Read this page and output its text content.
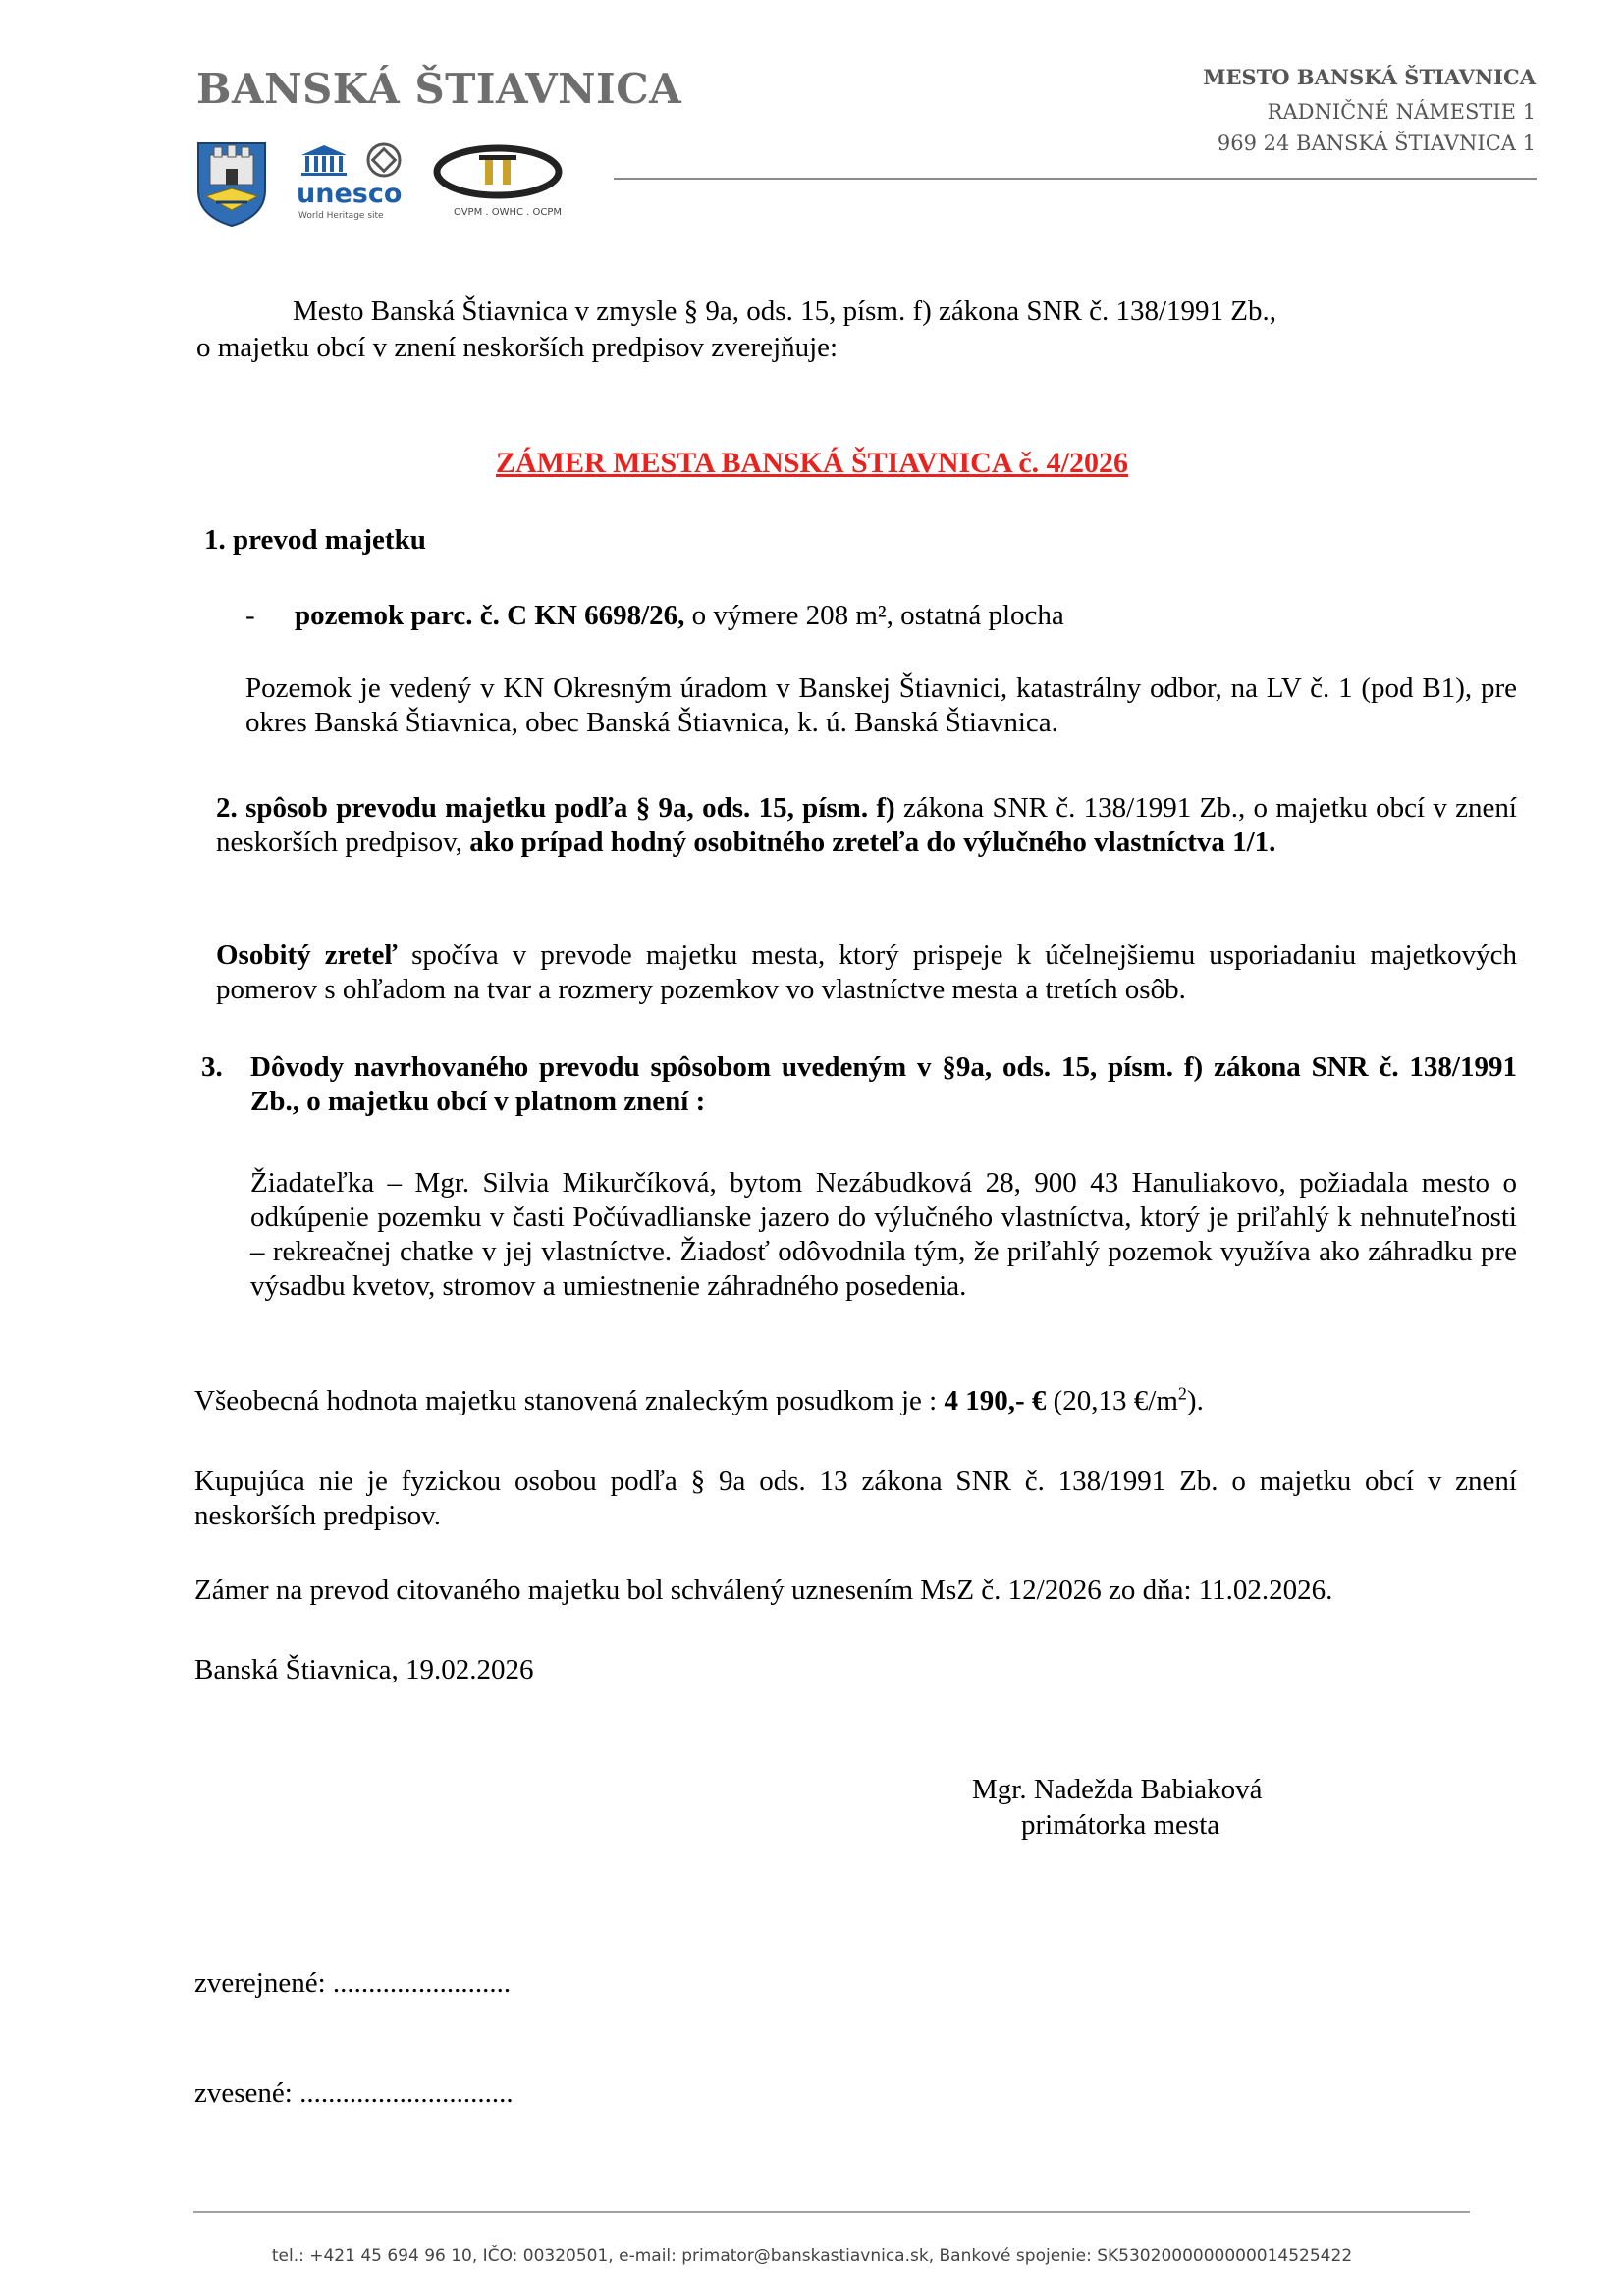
BANSKÁ ŠTIAVNICA
unesco
World Heritage site	OVPM . OWHC . OCPM
MESTO BANSKÁ ŠTIAVNICA
RADNIČNÉ NÁMESTIE 1
969 24 BANSKÁ ŠTIAVNICA 1
Mesto Banská Štiavnica v zmysle § 9a, ods. 15, písm. f) zákona SNR č. 138/1991 Zb.,
o majetku obcí v znení neskorších predpisov zverejňuje:
ZÁMER MESTA BANSKÁ ŠTIAVNICA č. 4/2026
1. prevod majetku
- pozemok parc. č. C KN 6698/26, o výmere 208 m², ostatná plocha
Pozemok je vedený v KN Okresným úradom v Banskej Štiavnici, katastrálny odbor, na LV č. 1 (pod B1), pre okres Banská Štiavnica, obec Banská Štiavnica, k. ú. Banská Štiavnica.
2. spôsob prevodu majetku podľa § 9a, ods. 15, písm. f) zákona SNR č. 138/1991 Zb., o majetku obcí v znení neskorších predpisov, ako prípad hodný osobitného zreteľa do výlučného vlastníctva 1/1.
Osobitý zreteľ spočíva v prevode majetku mesta, ktorý prispeje k účelnejšiemu usporiadaniu majetkových pomerov s ohľadom na tvar a rozmery pozemkov vo vlastníctve mesta a tretích osôb.
3. Dôvody navrhovaného prevodu spôsobom uvedeným v §9a, ods. 15, písm. f) zákona SNR č. 138/1991 Zb., o majetku obcí v platnom znení :
Žiadateľka – Mgr. Silvia Mikurčíková, bytom Nezábudková 28, 900 43 Hanuliakovo, požiadala mesto o odkúpenie pozemku v časti Počúvadlianske jazero do výlučného vlastníctva, ktorý je priľahlý k nehnuteľnosti – rekreačnej chatke v jej vlastníctve. Žiadosť odôvodnila tým, že priľahlý pozemok využíva ako záhradku pre výsadbu kvetov, stromov a umiestnenie záhradného posedenia.
Všeobecná hodnota majetku stanovená znaleckým posudkom je : 4 190,- € (20,13 $€/m^2$).
Kupujúca nie je fyzickou osobou podľa § 9a ods. 13 zákona SNR č. 138/1991 Zb. o majetku obcí v znení neskorších predpisov.
Zámer na prevod citovaného majetku bol schválený uznesením MsZ č. 12/2026 zo dňa: 11.02.2026.
Banská Štiavnica, 19.02.2026
Mgr. Nadežda Babiaková
primátorka mesta
zverejnené: .........................
zvesené: ..............................
tel.: +421 45 694 96 10, IČO: 00320501, e-mail: primator@banskastiavnica.sk, Bankové spojenie: SK5302000000000014525422
